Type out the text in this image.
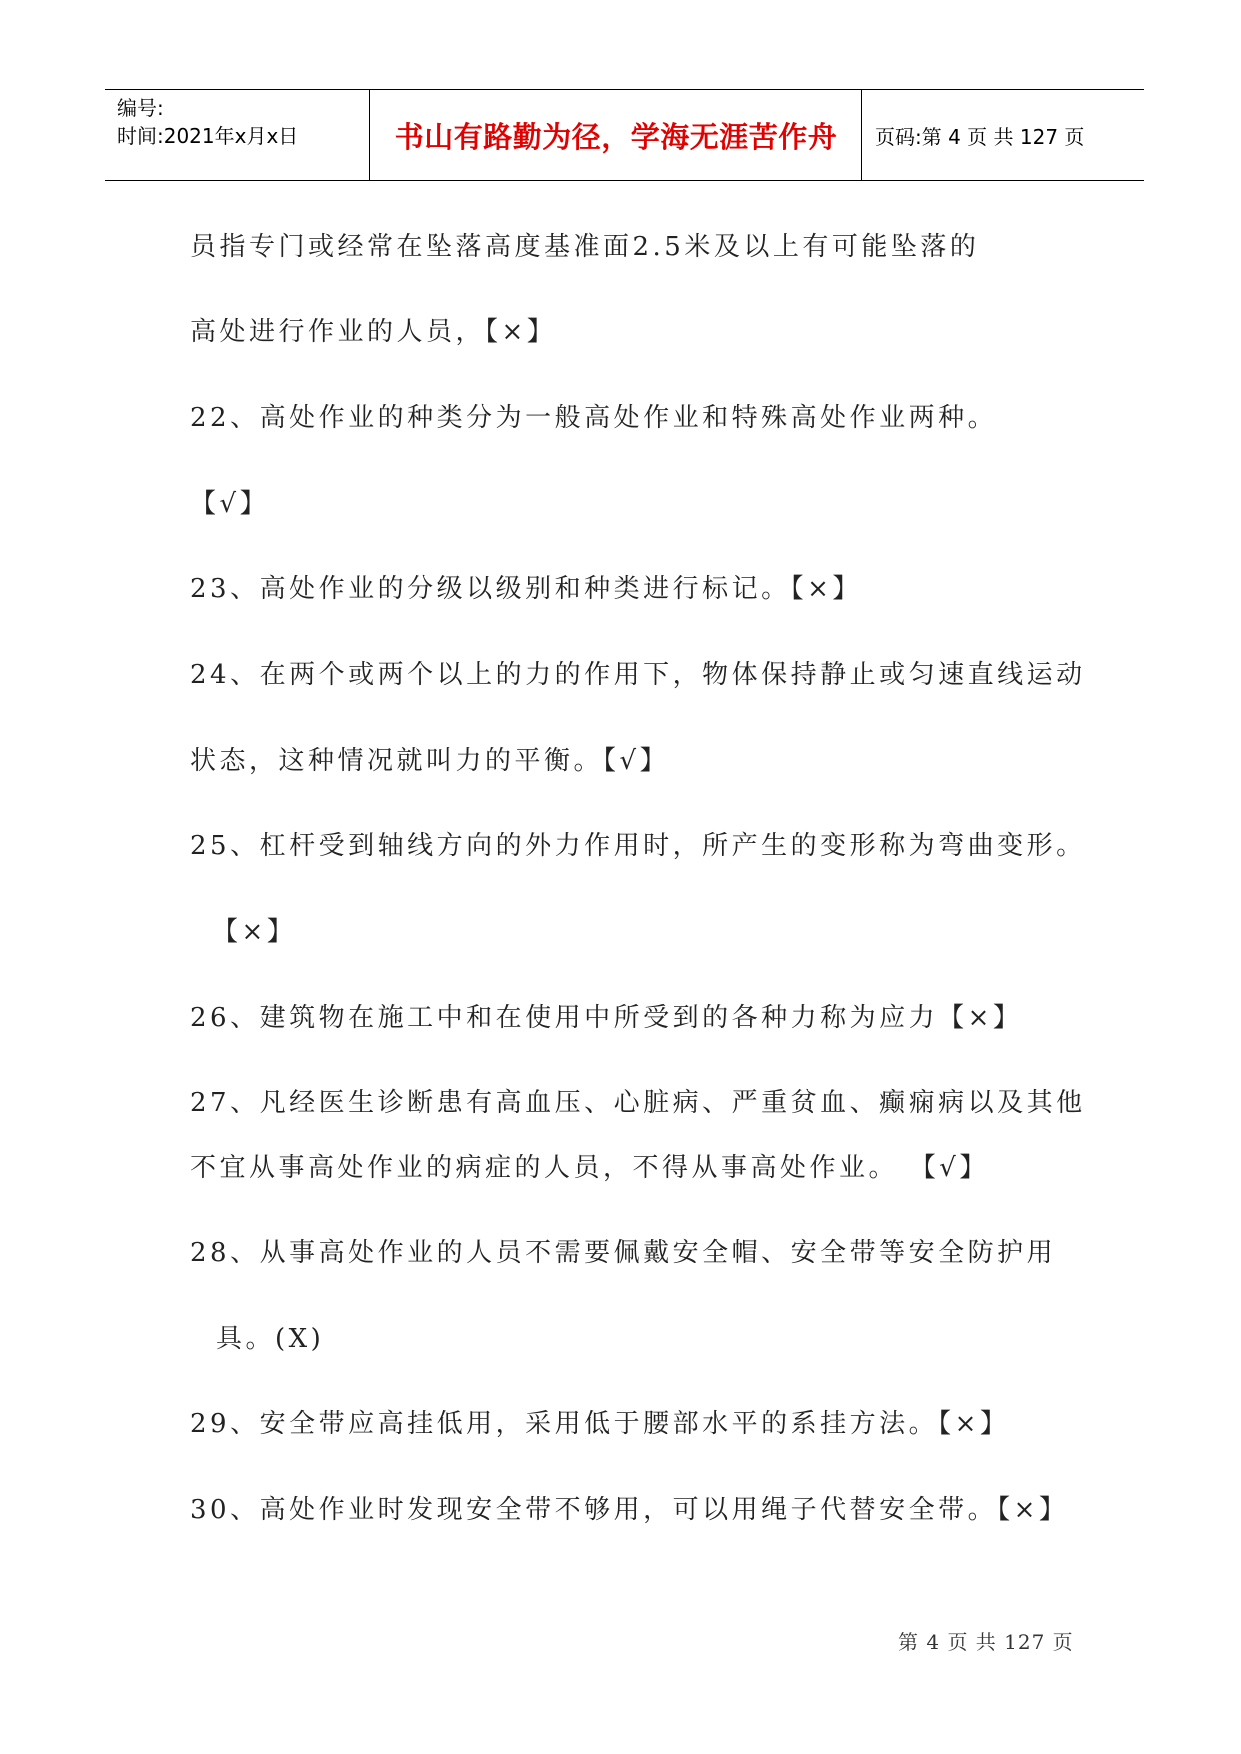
编号:
时间:2021年x月x日	书山有路勤为径，学海无涯苦作舟	页码:第 4 页 共 127 页
员指专门或经常在坠落高度基准面2.5米及以上有可能坠落的
高处进行作业的人员，【×】
22、高处作业的种类分为一般高处作业和特殊高处作业两种。
【√】
23、高处作业的分级以级别和种类进行标记。【×】
24、在两个或两个以上的力的作用下，物体保持静止或匀速直线运动
状态，这种情况就叫力的平衡。【√】
25、杠杆受到轴线方向的外力作用时，所产生的变形称为弯曲变形。
【×】
26、建筑物在施工中和在使用中所受到的各种力称为应力【×】
27、凡经医生诊断患有高血压、心脏病、严重贫血、癫痫病以及其他
不宜从事高处作业的病症的人员，不得从事高处作业。 【√】
28、从事高处作业的人员不需要佩戴安全帽、安全带等安全防护用
具。(X)
29、安全带应高挂低用，采用低于腰部水平的系挂方法。【×】
30、高处作业时发现安全带不够用，可以用绳子代替安全带。【×】
第 4 页 共 127 页
